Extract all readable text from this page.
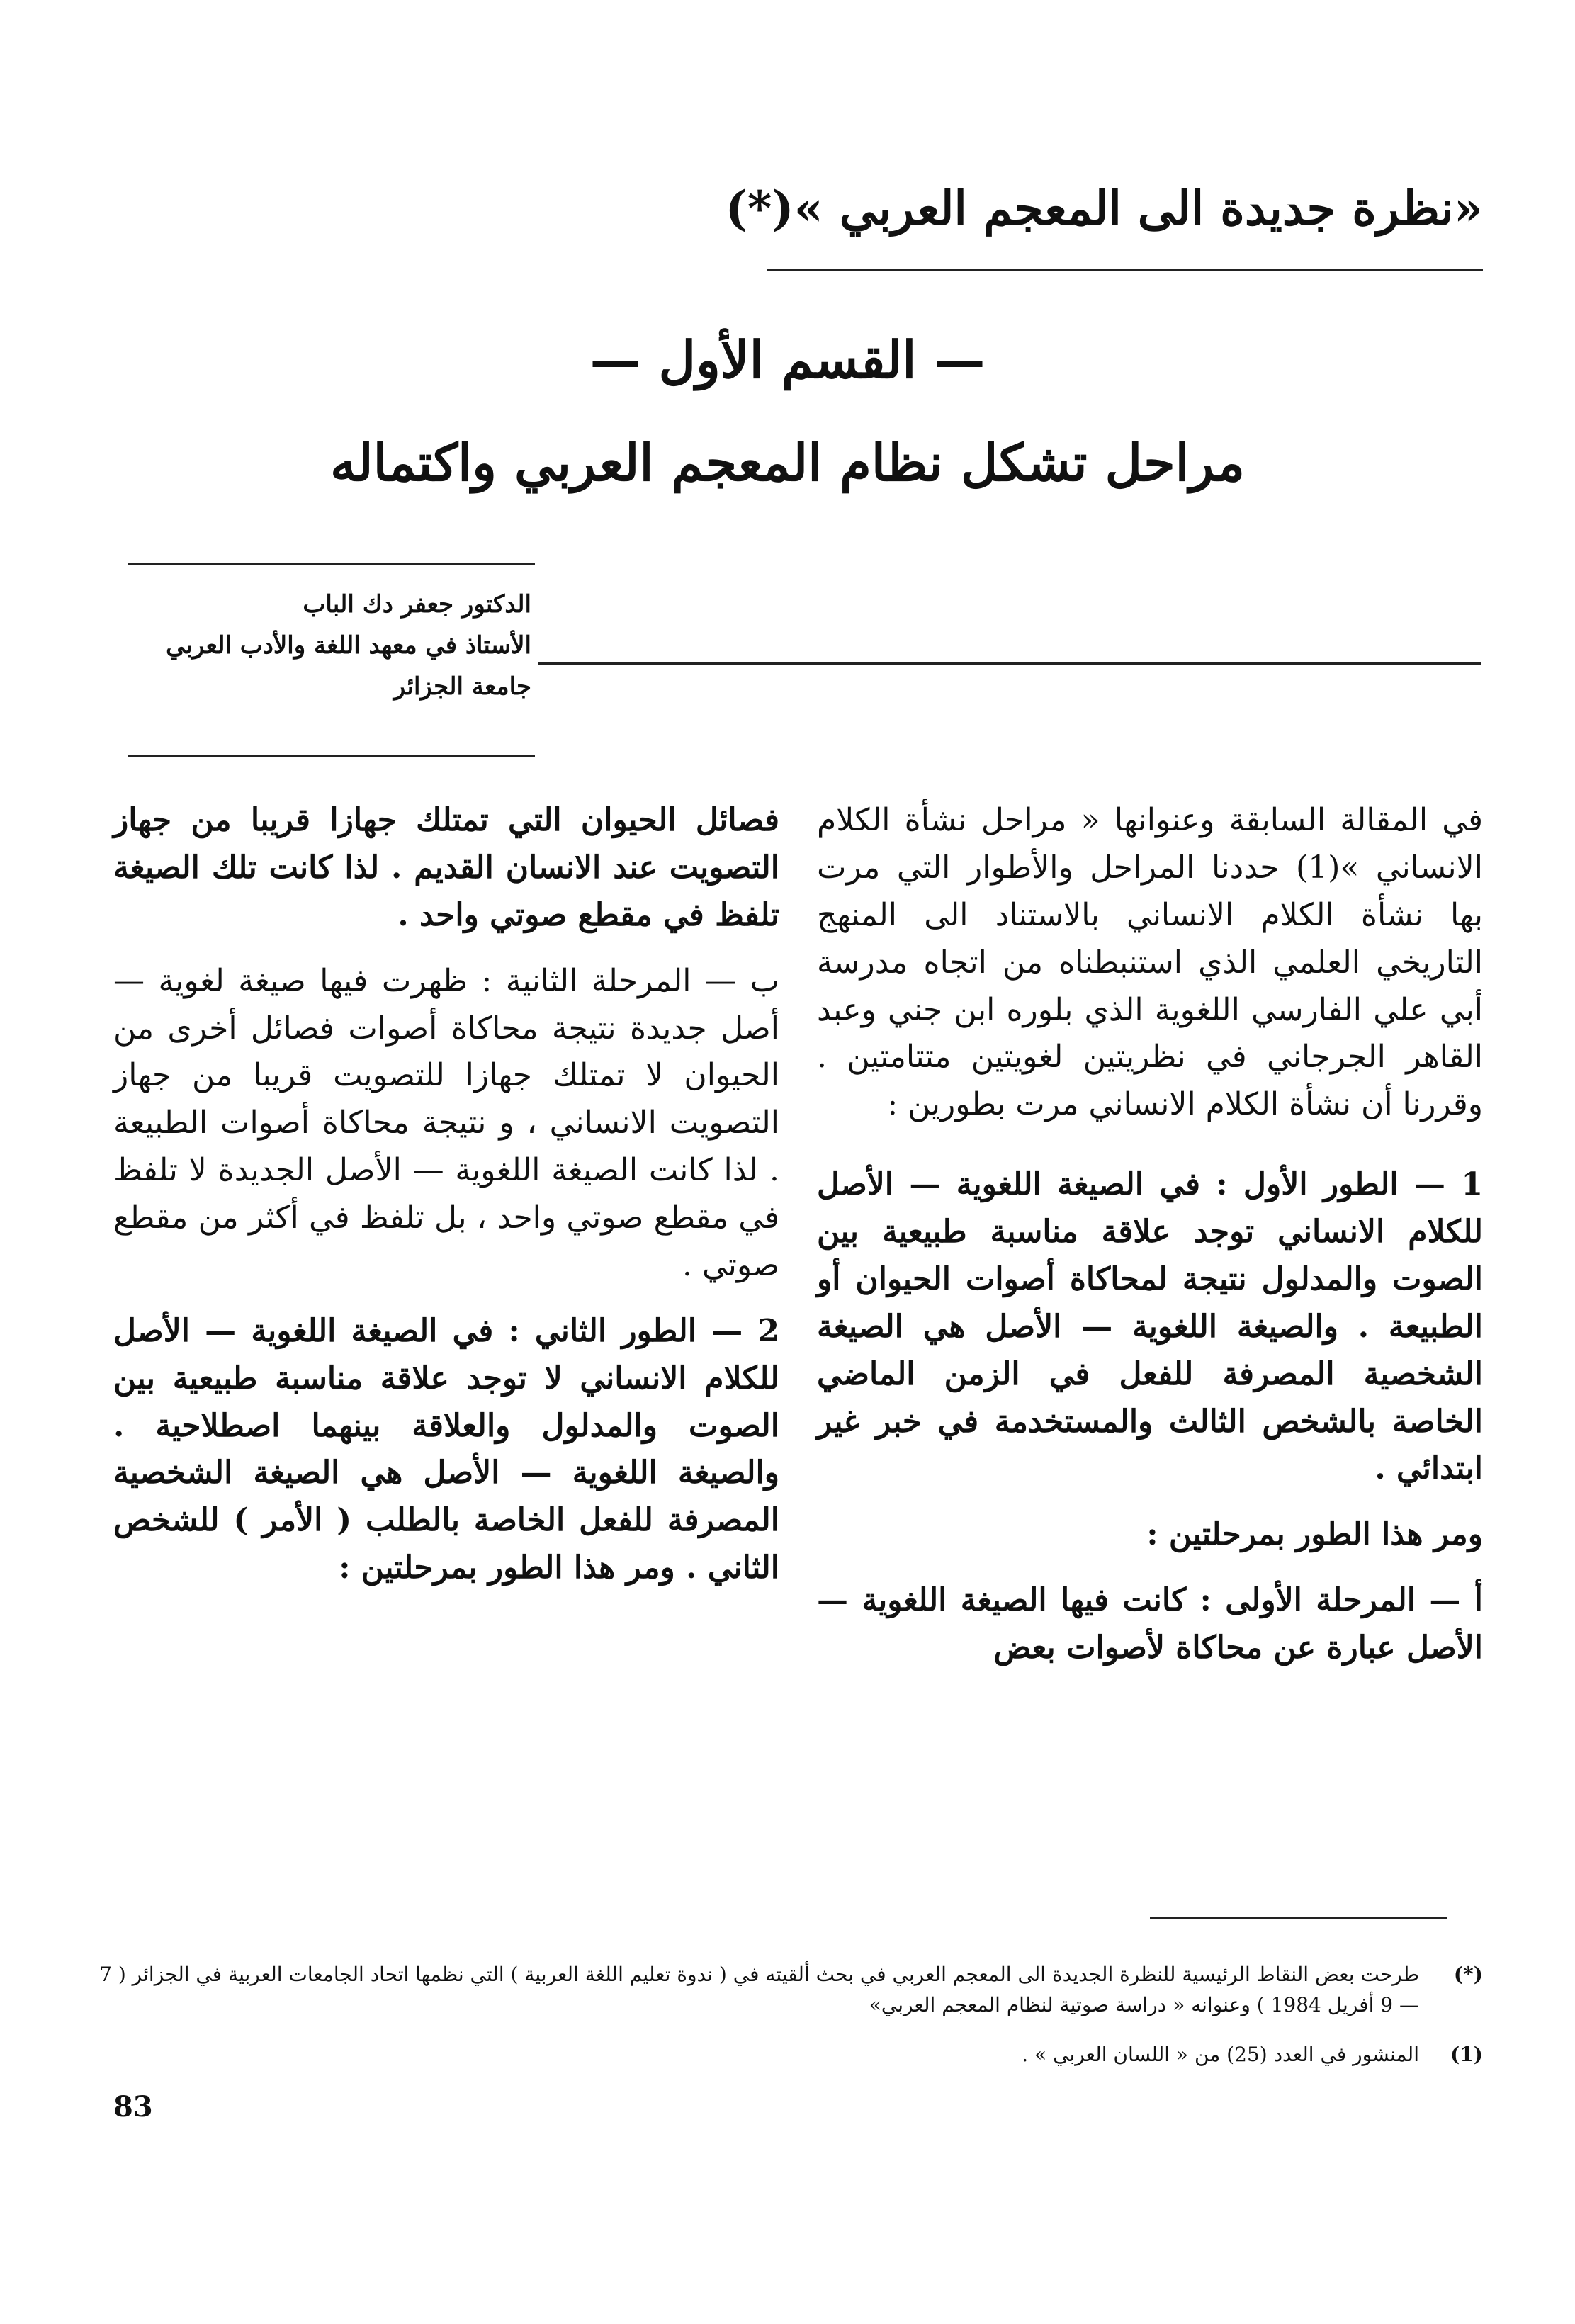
«نظرة جديدة الى المعجم العربي »(*)
— القسم الأول —
مراحل تشكل نظام المعجم العربي واكتماله
الدكتور جعفر دك الباب
الأستاذ في معهد اللغة والأدب العربي
جامعة الجزائر

في المقالة السابقة وعنوانها « مراحل نشأة الكلام الانساني »(1) حددنا المراحل والأطوار التي مرت بها نشأة الكلام الانساني بالاستناد الى المنهج التاريخي العلمي الذي استنبطناه من اتجاه مدرسة أبي علي الفارسي اللغوية الذي بلوره ابن جني وعبد القاهر الجرجاني في نظريتين لغويتين متتامتين . وقررنا أن نشأة الكلام الانساني مرت بطورين :

1 — الطور الأول : في الصيغة اللغوية — الأصل للكلام الانساني توجد علاقة مناسبة طبيعية بين الصوت والمدلول نتيجة لمحاكاة أصوات الحيوان أو الطبيعة . والصيغة اللغوية — الأصل هي الصيغة الشخصية المصرفة للفعل في الزمن الماضي الخاصة بالشخص الثالث والمستخدمة في خبر غير ابتدائي .

ومر هذا الطور بمرحلتين :

أ — المرحلة الأولى : كانت فيها الصيغة اللغوية — الأصل عبارة عن محاكاة لأصوات بعض

فصائل الحيوان التي تمتلك جهازا قريبا من جهاز التصويت عند الانسان القديم . لذا كانت تلك الصيغة تلفظ في مقطع صوتي واحد .

ب — المرحلة الثانية : ظهرت فيها صيغة لغوية — أصل جديدة نتيجة محاكاة أصوات فصائل أخرى من الحيوان لا تمتلك جهازا للتصويت قريبا من جهاز التصويت الانساني ، و نتيجة محاكاة أصوات الطبيعة . لذا كانت الصيغة اللغوية — الأصل الجديدة لا تلفظ في مقطع صوتي واحد ، بل تلفظ في أكثر من مقطع صوتي .

2 — الطور الثاني : في الصيغة اللغوية — الأصل للكلام الانساني لا توجد علاقة مناسبة طبيعية بين الصوت والمدلول والعلاقة بينهما اصطلاحية . والصيغة اللغوية — الأصل هي الصيغة الشخصية المصرفة للفعل الخاصة بالطلب ( الأمر ) للشخص الثاني . ومر هذا الطور بمرحلتين :

(*)
طرحت بعض النقاط الرئيسية للنظرة الجديدة الى المعجم العربي في بحث ألقيته في ( ندوة تعليم اللغة العربية ) التي نظمها اتحاد الجامعات العربية في الجزائر ( 7 — 9 أفريل 1984 ) وعنوانه « دراسة صوتية لنظام المعجم العربي»
(1)
المنشور في العدد (25) من « اللسان العربي » .
83
